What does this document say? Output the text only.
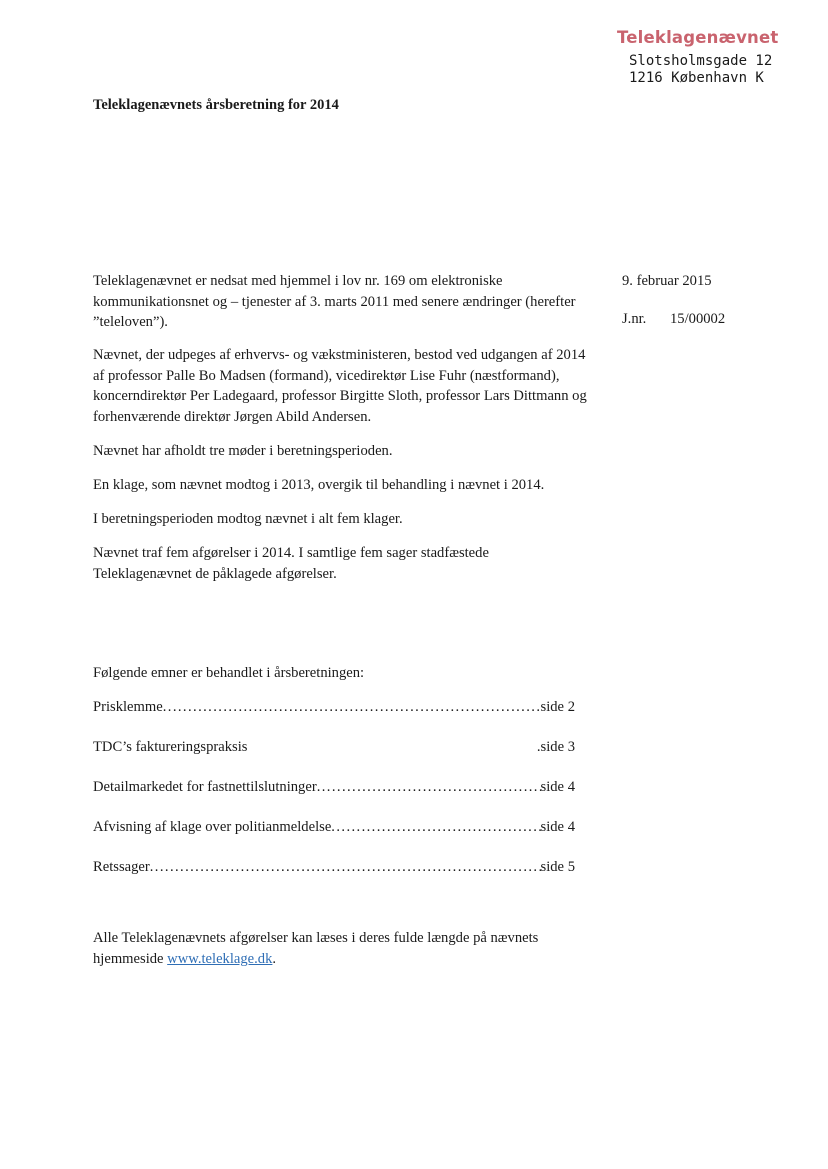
Teleklagenævnet
Slotsholmsgade 12
1216 København K
Teleklagenævnets årsberetning for 2014
9. februar 2015
J.nr. 15/00002
Teleklagenævnet er nedsat med hjemmel i lov nr. 169 om elektroniske kommunikationsnet og – tjenester af 3. marts 2011 med senere ændringer (herefter ”teleloven”).
Nævnet, der udpeges af erhvervs- og vækstministeren, bestod ved udgangen af 2014 af professor Palle Bo Madsen (formand), vicedirektør Lise Fuhr (næstformand), koncerndirektør Per Ladegaard, professor Birgitte Sloth, professor Lars Dittmann og forhenværende direktør Jørgen Abild Andersen.
Nævnet har afholdt tre møder i beretningsperioden.
En klage, som nævnet modtog i 2013, overgik til behandling i nævnet i 2014.
I beretningsperioden modtog nævnet i alt fem klager.
Nævnet traf fem afgørelser i 2014. I samtlige fem sager stadfæstede Teleklagenævnet de påklagede afgørelser.
Følgende emner er behandlet i årsberetningen:
Prisklemme .....	side 2
TDC’s faktureringspraksis	.side 3
Detailmarkedet for fastnettilslutninger .....	side 4
Afvisning af klage over politianmeldelse .....	side 4
Retssager .....	side 5
Alle Teleklagenævnets afgørelser kan læses i deres fulde længde på nævnets hjemmeside www.teleklage.dk.
